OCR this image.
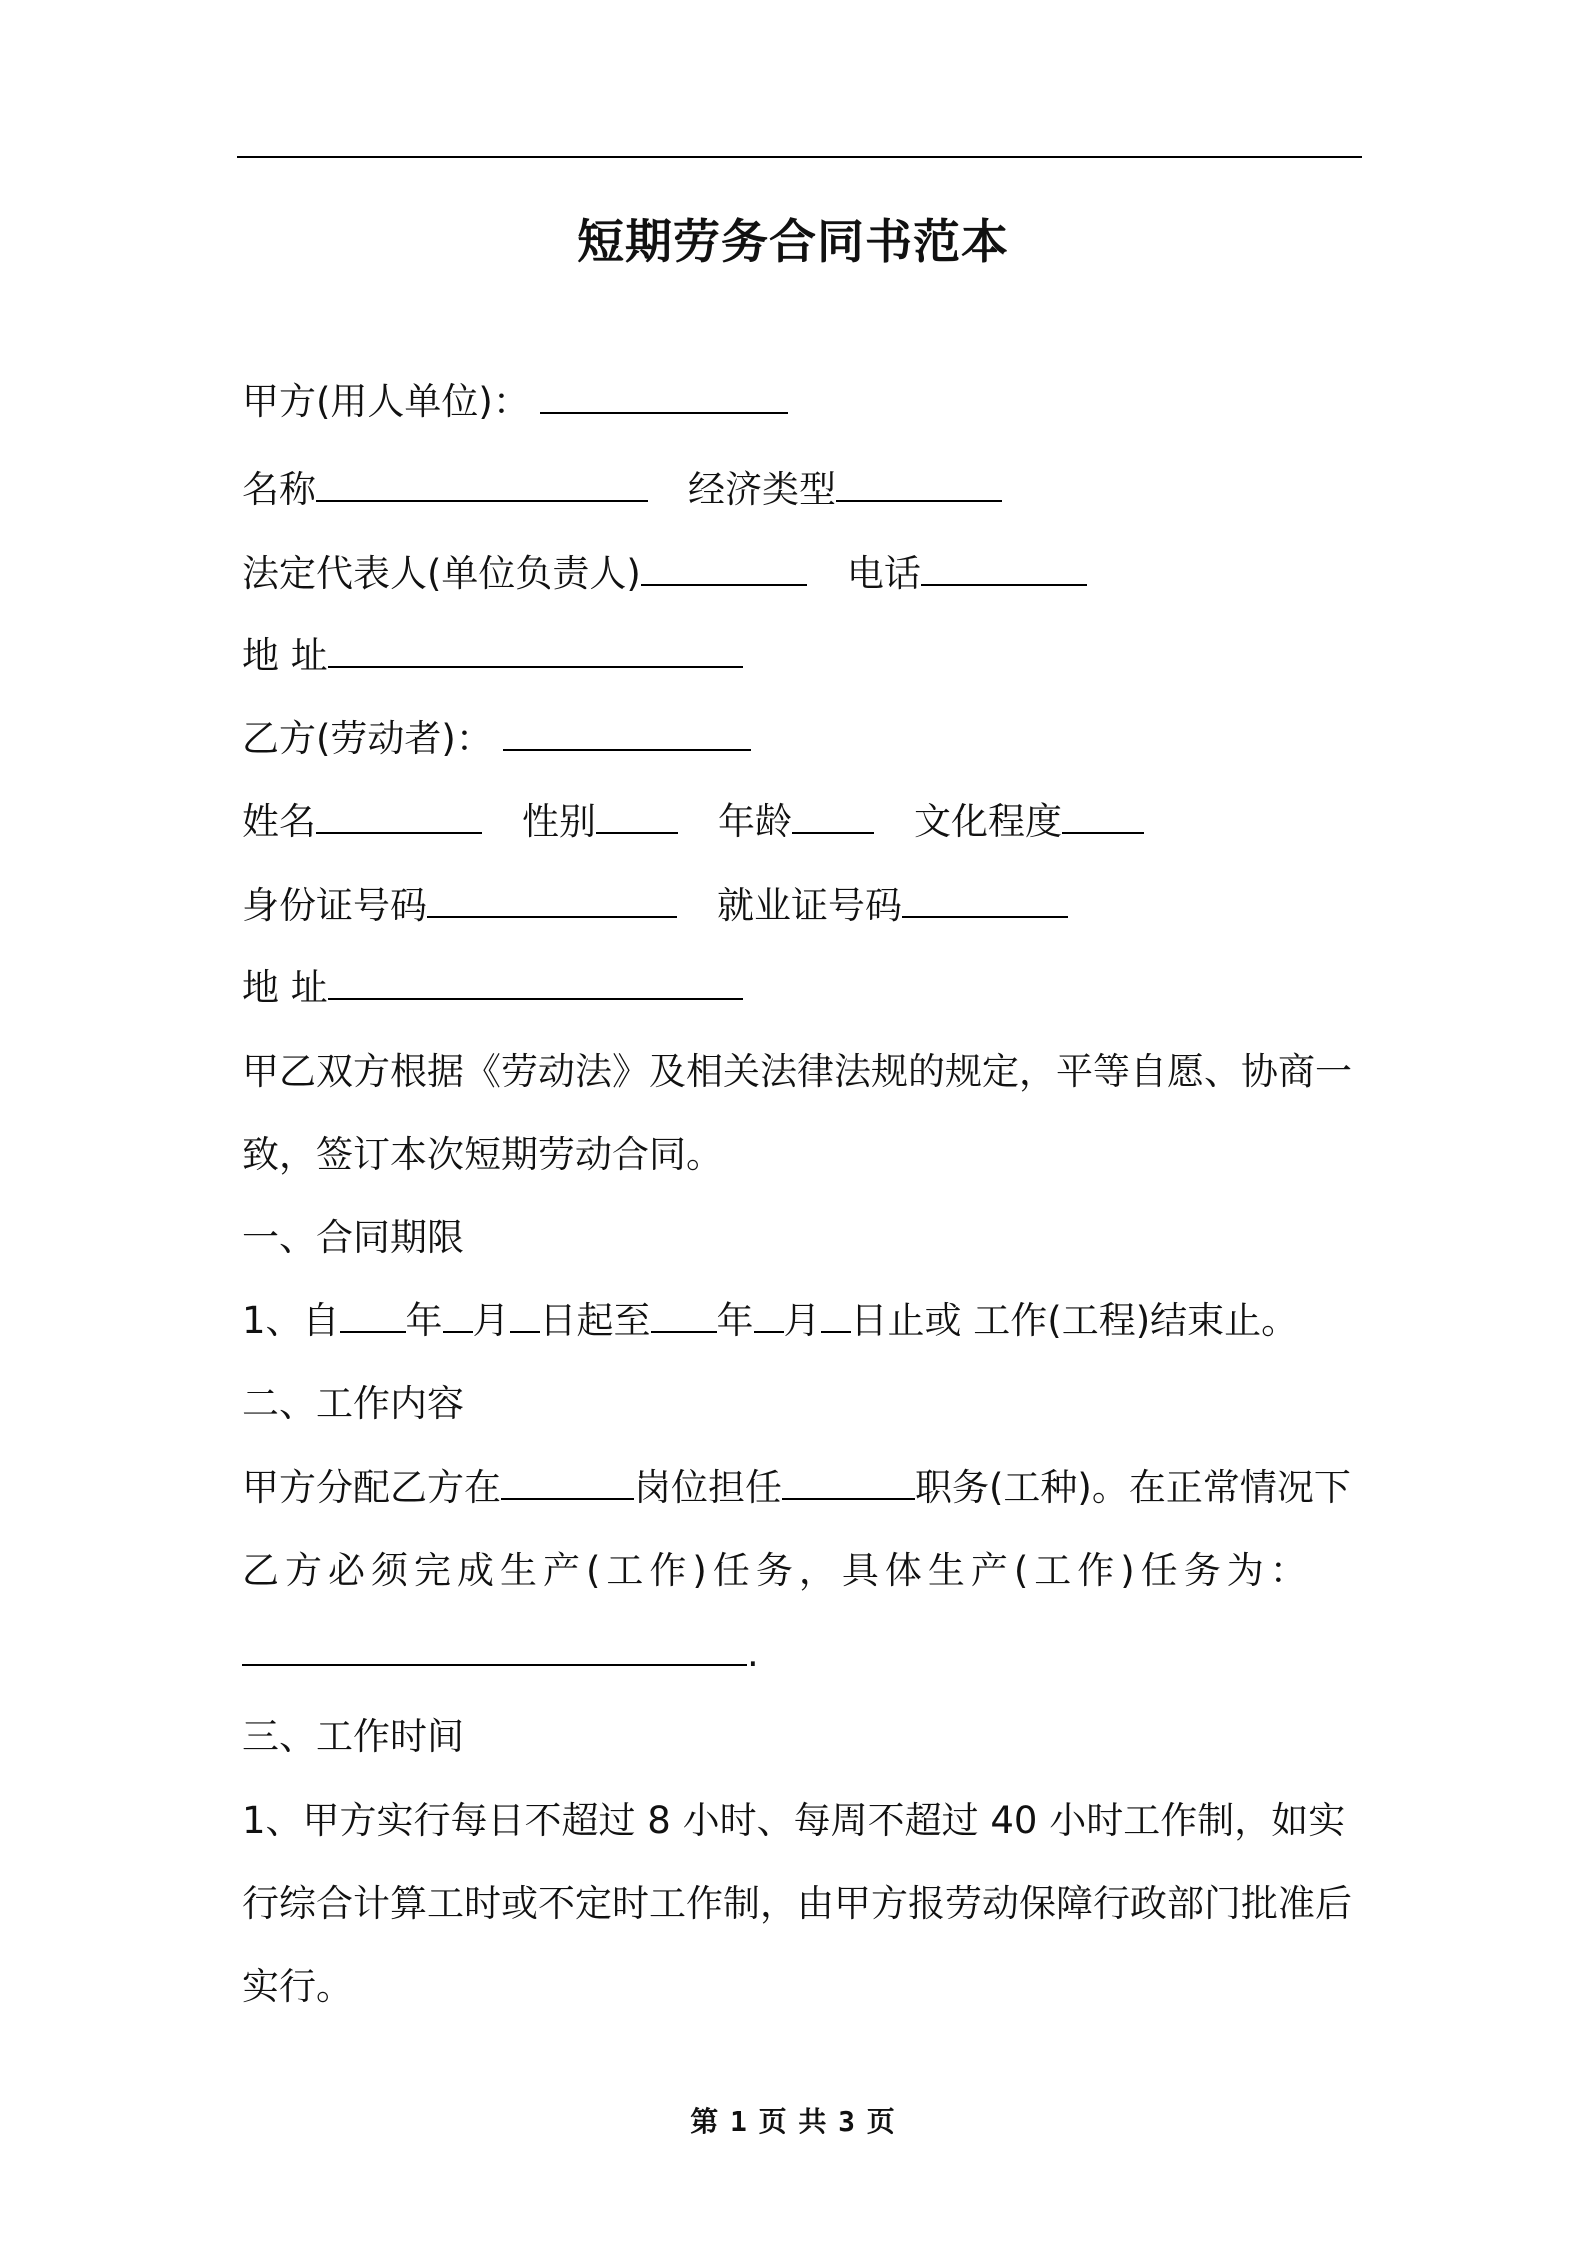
短期劳务合同书范本
甲方(用人单位)：
名称	经济类型
法定代表人(单位负责人)	电话
地 址
乙方(劳动者)：
姓名	性别	年龄	文化程度
身份证号码	就业证号码
地 址
甲乙双方根据《劳动法》及相关法律法规的规定，平等自愿、协商一
致，签订本次短期劳动合同。
一、合同期限
1、自 年 月 日起至 年 月 日止或 工作(工程)结束止。
二、工作内容
甲方分配乙方在	岗位担任	职务(工种)。在正常情况下
乙方必须完成生产(工作)任务，具体生产(工作)任务为：
.
三、工作时间
1、甲方实行每日不超过 8 小时、每周不超过 40 小时工作制，如实
行综合计算工时或不定时工作制，由甲方报劳动保障行政部门批准后
实行。
第 1 页 共 3 页
